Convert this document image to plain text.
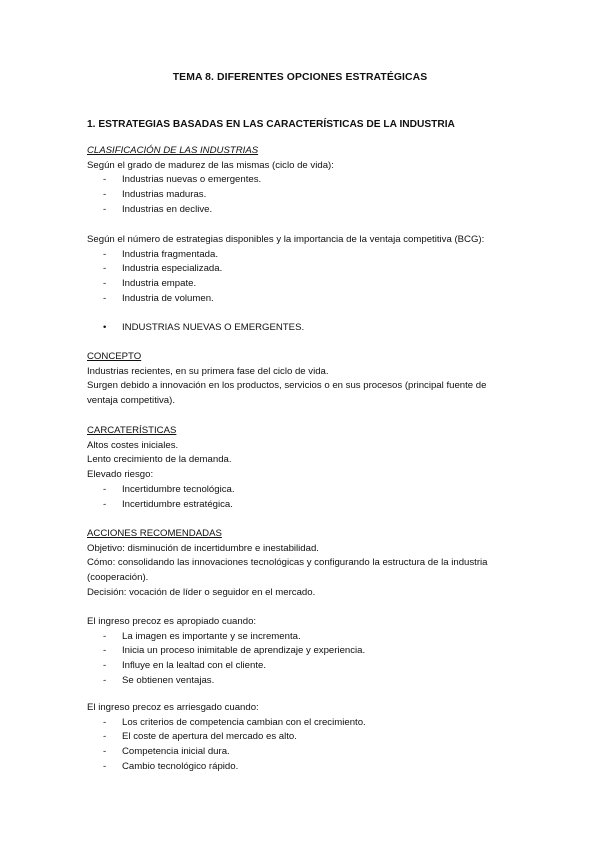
TEMA 8. DIFERENTES OPCIONES ESTRATÉGICAS
1. ESTRATEGIAS BASADAS EN LAS CARACTERÍSTICAS DE LA INDUSTRIA
CLASIFICACIÓN DE LAS INDUSTRIAS
Según el grado de madurez de las mismas (ciclo de vida):
- Industrias nuevas o emergentes.
- Industrias maduras.
- Industrias en declive.
Según el número de estrategias disponibles y la importancia de la ventaja competitiva (BCG):
- Industria fragmentada.
- Industria especializada.
- Industria empate.
- Industria de volumen.
• INDUSTRIAS NUEVAS O EMERGENTES.
CONCEPTO
Industrias recientes, en su primera fase del ciclo de vida.
Surgen debido a innovación en los productos, servicios o en sus procesos (principal fuente de
ventaja competitiva).
CARCATERÍSTICAS
Altos costes iniciales.
Lento crecimiento de la demanda.
Elevado riesgo:
- Incertidumbre tecnológica.
- Incertidumbre estratégica.
ACCIONES RECOMENDADAS
Objetivo: disminución de incertidumbre e inestabilidad.
Cómo: consolidando las innovaciones tecnológicas y configurando la estructura de la industria
(cooperación).
Decisión: vocación de líder o seguidor en el mercado.
El ingreso precoz es apropiado cuando:
- La imagen es importante y se incrementa.
- Inicia un proceso inimitable de aprendizaje y experiencia.
- Influye en la lealtad con el cliente.
- Se obtienen ventajas.
El ingreso precoz es arriesgado cuando:
- Los criterios de competencia cambian con el crecimiento.
- El coste de apertura del mercado es alto.
- Competencia inicial dura.
- Cambio tecnológico rápido.
